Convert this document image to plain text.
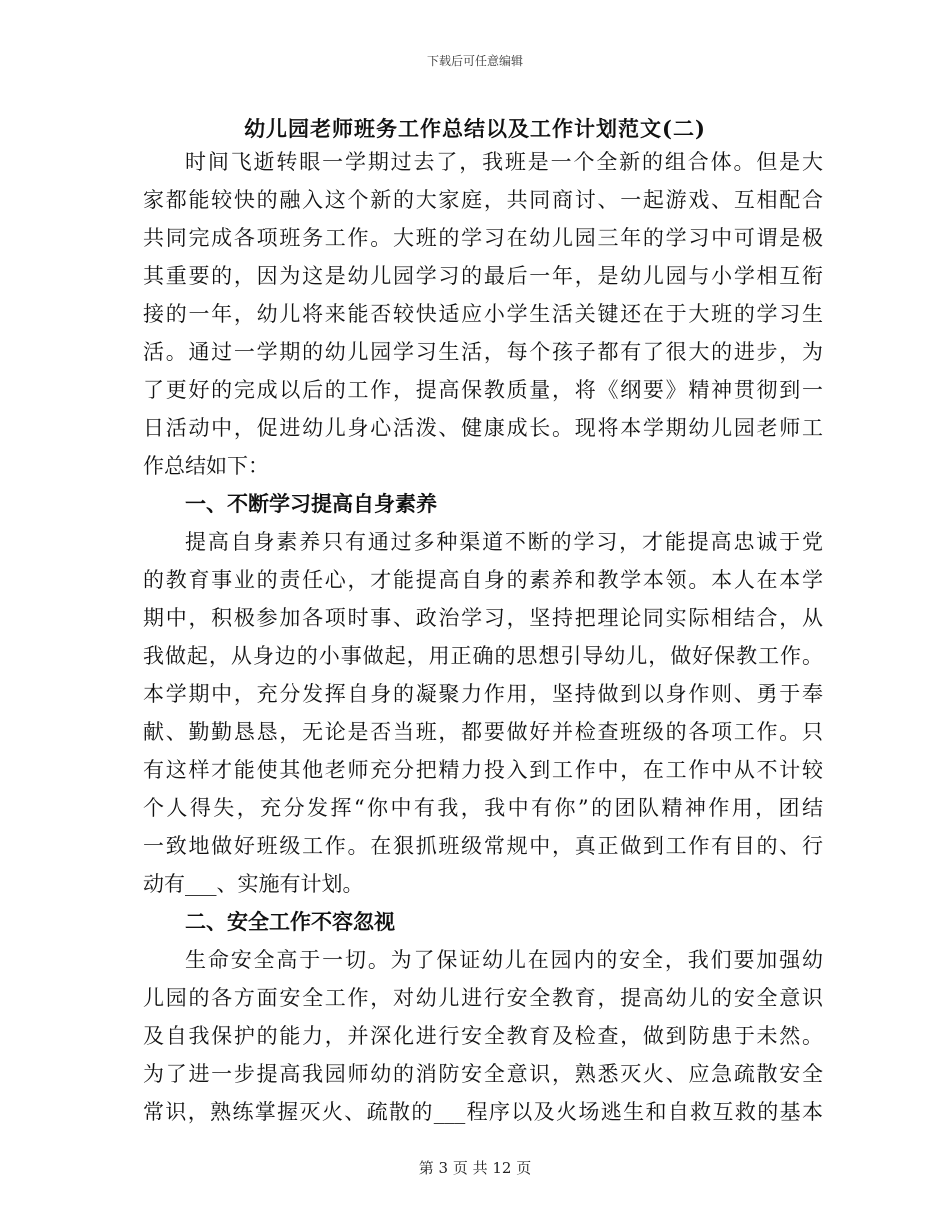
下载后可任意编辑
幼儿园老师班务工作总结以及工作计划范文(二)
时间飞逝转眼一学期过去了，我班是一个全新的组合体。但是大
家都能较快的融入这个新的大家庭，共同商讨、一起游戏、互相配合
共同完成各项班务工作。大班的学习在幼儿园三年的学习中可谓是极
其重要的，因为这是幼儿园学习的最后一年，是幼儿园与小学相互衔
接的一年，幼儿将来能否较快适应小学生活关键还在于大班的学习生
活。通过一学期的幼儿园学习生活，每个孩子都有了很大的进步，为
了更好的完成以后的工作，提高保教质量，将《纲要》精神贯彻到一
日活动中，促进幼儿身心活泼、健康成长。现将本学期幼儿园老师工
作总结如下：
一、不断学习提高自身素养
提高自身素养只有通过多种渠道不断的学习，才能提高忠诚于党
的教育事业的责任心，才能提高自身的素养和教学本领。本人在本学
期中，积极参加各项时事、政治学习，坚持把理论同实际相结合，从
我做起，从身边的小事做起，用正确的思想引导幼儿，做好保教工作。
本学期中，充分发挥自身的凝聚力作用，坚持做到以身作则、勇于奉
献、勤勤恳恳，无论是否当班，都要做好并检查班级的各项工作。只
有这样才能使其他老师充分把精力投入到工作中，在工作中从不计较
个人得失，充分发挥“你中有我，我中有你”的团队精神作用，团结
一致地做好班级工作。在狠抓班级常规中，真正做到工作有目的、行
动有___、实施有计划。
二、安全工作不容忽视
生命安全高于一切。为了保证幼儿在园内的安全，我们要加强幼
儿园的各方面安全工作，对幼儿进行安全教育，提高幼儿的安全意识
及自我保护的能力，并深化进行安全教育及检查，做到防患于未然。
为了进一步提高我园师幼的消防安全意识，熟悉灭火、应急疏散安全
常识，熟练掌握灭火、疏散的___程序以及火场逃生和自救互救的基本
第 3 页 共 12 页
